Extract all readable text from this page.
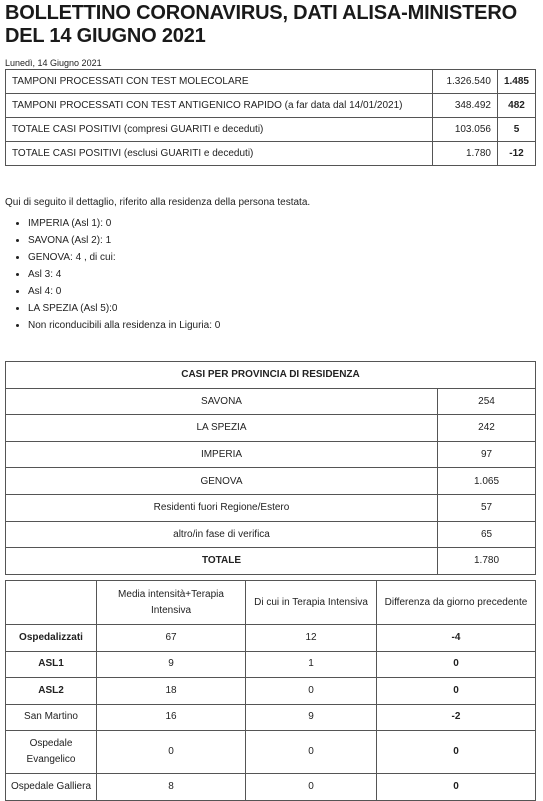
BOLLETTINO CORONAVIRUS, DATI ALISA-MINISTERO DEL 14 GIUGNO 2021
Lunedì, 14 Giugno 2021
TAMPONI PROCESSATI CON TEST MOLECOLARE	1.326.540	1.485
TAMPONI PROCESSATI CON TEST ANTIGENICO RAPIDO (a far data dal 14/01/2021)	348.492	482
TOTALE CASI POSITIVI (compresi GUARITI e deceduti)	103.056	5
TOTALE CASI POSITIVI (esclusi GUARITI e deceduti)	1.780	-12
Qui di seguito il dettaglio, riferito alla residenza della persona testata.
• IMPERIA (Asl 1): 0
• SAVONA (Asl 2): 1
• GENOVA: 4 , di cui:
• Asl 3: 4
• Asl 4: 0
• LA SPEZIA (Asl 5):0
• Non riconducibili alla residenza in Liguria: 0
CASI PER PROVINCIA DI RESIDENZA	
SAVONA	254
LA SPEZIA	242
IMPERIA	97
GENOVA	1.065
Residenti fuori Regione/Estero	57
altro/in fase di verifica	65
TOTALE	1.780
	Media intensità+Terapia Intensiva	Di cui in Terapia Intensiva	Differenza da giorno precedente
Ospedalizzati	67	12	-4
ASL1	9	1	0
ASL2	18	0	0
San Martino	16	9	-2
Ospedale Evangelico	0	0	0
Ospedale Galliera	8	0	0
